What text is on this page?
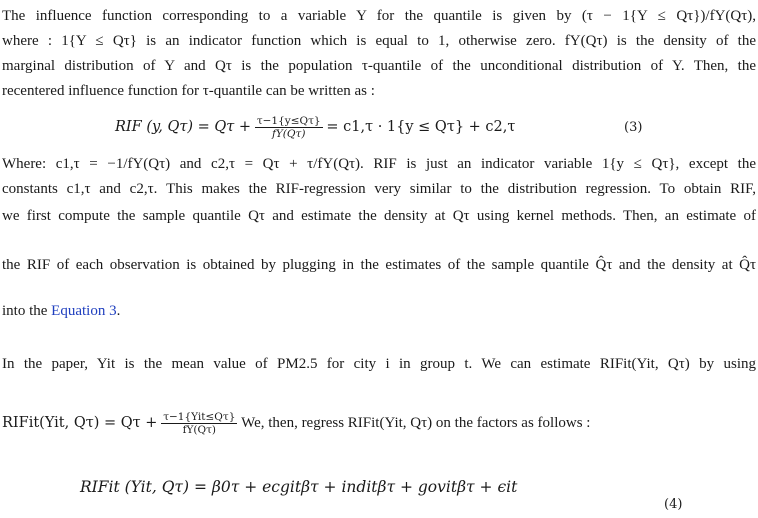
The influence function corresponding to a variable Y for the quantile is given by (τ − 1{Y ≤ Qτ})/fY(Qτ),
where : 1{Y ≤ Qτ} is an indicator function which is equal to 1, otherwise zero. fY(Qτ) is the density of the
marginal distribution of Y and Qτ is the population τ-quantile of the unconditional distribution of Y. Then, the
recentered influence function for τ-quantile can be written as :
RIF (y, $Q\tau) = Q\tau + \frac{\tau-1\{y\le Q\tau\}}{fY(Q\tau)} = c1,\tau \cdot 1\{y \le Q\tau\} + c2,\tau$	(3)
Where: c1,τ = −1/fY(Qτ) and c2,τ = Qτ + τ/fY(Qτ). RIF is just an indicator variable 1{y ≤ Qτ}, except the
constants c1,τ and c2,τ. This makes the RIF-regression very similar to the distribution regression. To obtain RIF,
we first compute the sample quantile Qτ and estimate the density at Qτ using kernel methods. Then, an estimate of
the RIF of each observation is obtained by plugging in the estimates of the sample quantile Q̂τ and the density at Q̂τ
into the Equation 3.
In the paper, Yit is the mean value of PM2.5 for city i in group t. We can estimate RIFit(Yit, Qτ) by using
RIFit(Yit, $Q\tau) = Q\tau + \frac{\text{τ−1\{Yit≤Qτ\}}}{fY(Q\tau)} We$, then, regress RIFit(Yit, Qτ) on the factors as follows :
RIFit (Yit, Qτ) = β0τ + ecgitβτ + inditβτ + govitβτ + ϵit
(4)
